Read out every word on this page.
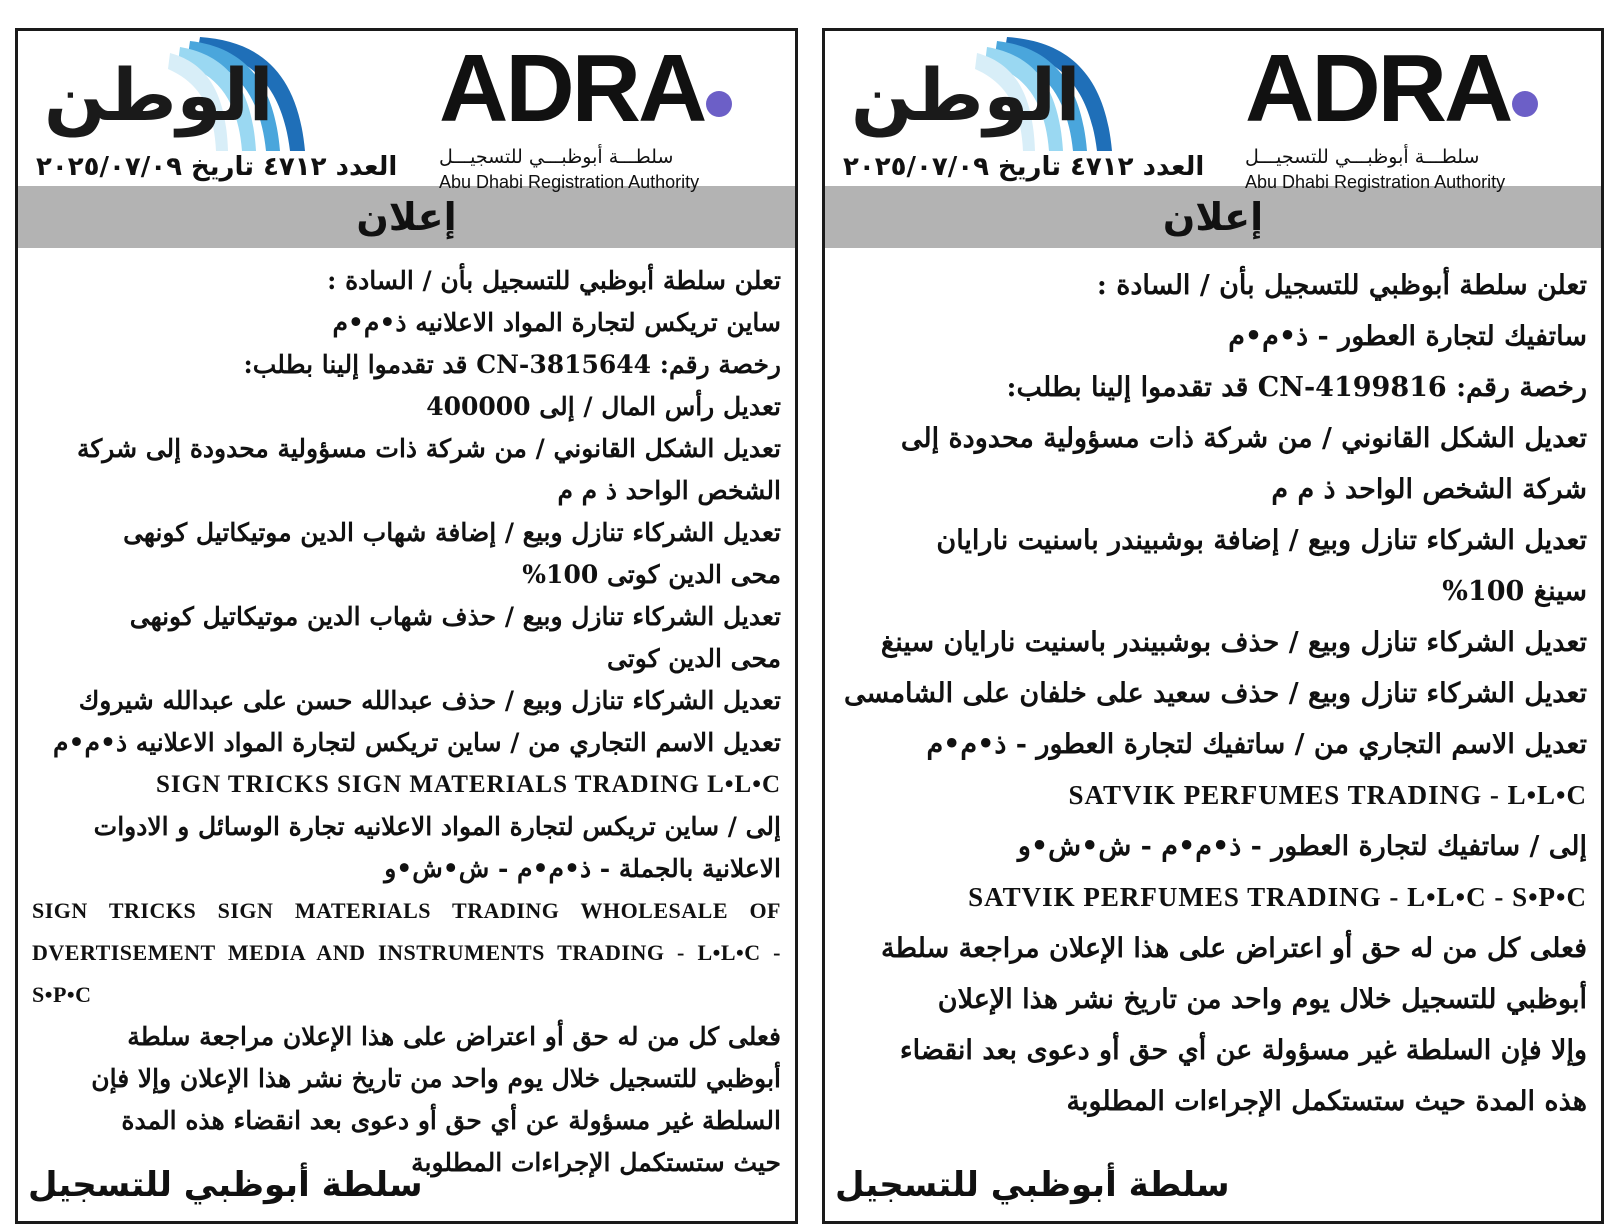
الوطن ADRA
سلطـــة أبوظبـــي للتسجيـــل
Abu Dhabi Registration Authority
العدد ٤٧١٢ تاريخ ٢٠٢٥/٠٧/٠٩
إعلان
تعلن سلطة أبوظبي للتسجيل بأن / السادة :
ساين تريكس لتجارة المواد الاعلانيه ذ•م•م
رخصة رقم: CN-3815644 قد تقدموا إلينا بطلب:
تعديل رأس المال / إلى 400000
تعديل الشكل القانوني / من شركة ذات مسؤولية محدودة إلى شركة
الشخص الواحد ذ م م
تعديل الشركاء تنازل وبيع / إضافة شهاب الدين موتيكاتيل كونهى
محى الدين كوتى 100%
تعديل الشركاء تنازل وبيع / حذف شهاب الدين موتيكاتيل كونهى
محى الدين كوتى
تعديل الشركاء تنازل وبيع / حذف عبدالله حسن على عبدالله شيروك
تعديل الاسم التجاري من / ساين تريكس لتجارة المواد الاعلانيه ذ•م•م
SIGN TRICKS SIGN MATERIALS TRADING L•L•C
إلى / ساين تريكس لتجارة المواد الاعلانيه تجارة الوسائل و الادوات
الاعلانية بالجملة - ذ•م•م - ش•ش•و
SIGN TRICKS SIGN MATERIALS TRADING WHOLESALE OF
DVERTISEMENT MEDIA AND INSTRUMENTS TRADING - L•L•C - S•P•C
فعلى كل من له حق أو اعتراض على هذا الإعلان مراجعة سلطة
أبوظبي للتسجيل خلال يوم واحد من تاريخ نشر هذا الإعلان وإلا فإن
السلطة غير مسؤولة عن أي حق أو دعوى بعد انقضاء هذه المدة
حيث ستستكمل الإجراءات المطلوبة
سلطة أبوظبي للتسجيل
الوطن ADRA
سلطـــة أبوظبـــي للتسجيـــل
Abu Dhabi Registration Authority
العدد ٤٧١٢ تاريخ ٢٠٢٥/٠٧/٠٩
إعلان
تعلن سلطة أبوظبي للتسجيل بأن / السادة :
ساتفيك لتجارة العطور - ذ•م•م
رخصة رقم: CN-4199816 قد تقدموا إلينا بطلب:
تعديل الشكل القانوني / من شركة ذات مسؤولية محدودة إلى
شركة الشخص الواحد ذ م م
تعديل الشركاء تنازل وبيع / إضافة بوشبيندر باسنيت نارايان
سينغ 100%
تعديل الشركاء تنازل وبيع / حذف بوشبيندر باسنيت نارايان سينغ
تعديل الشركاء تنازل وبيع / حذف سعيد على خلفان على الشامسى
تعديل الاسم التجاري من / ساتفيك لتجارة العطور - ذ•م•م
SATVIK PERFUMES TRADING - L•L•C
إلى / ساتفيك لتجارة العطور - ذ•م•م - ش•ش•و
SATVIK PERFUMES TRADING - L•L•C - S•P•C
فعلى كل من له حق أو اعتراض على هذا الإعلان مراجعة سلطة
أبوظبي للتسجيل خلال يوم واحد من تاريخ نشر هذا الإعلان
وإلا فإن السلطة غير مسؤولة عن أي حق أو دعوى بعد انقضاء
هذه المدة حيث ستستكمل الإجراءات المطلوبة
سلطة أبوظبي للتسجيل
